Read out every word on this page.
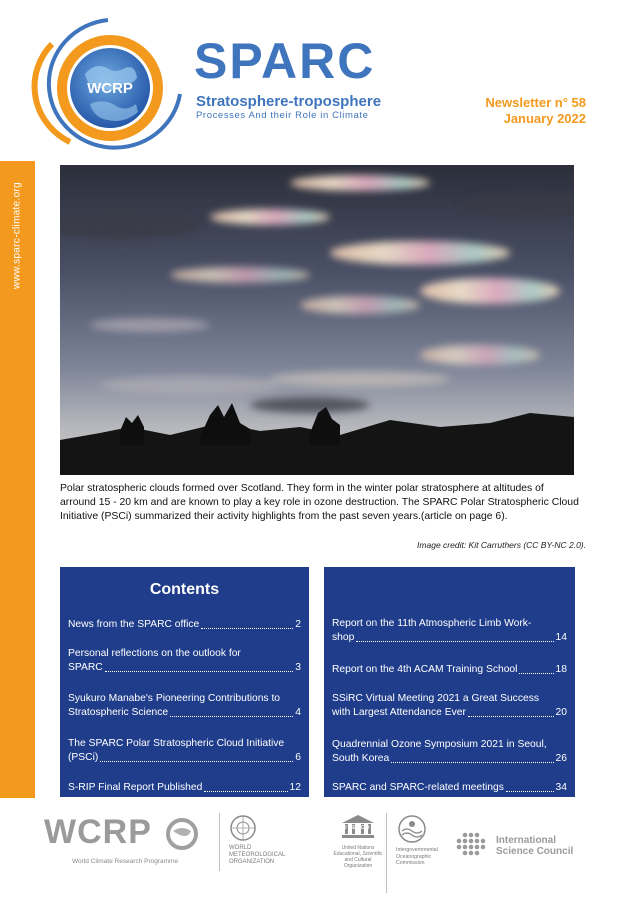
WCRP SPARC
Stratosphere-troposphere
Processes And their Role in Climate
Newsletter n° 58
January 2022
www.sparc-climate.org
Polar stratospheric clouds formed over Scotland. They form in the winter polar stratosphere at altitudes of arround 15 - 20 km and are known to play a key role in ozone destruction. The SPARC Polar Stratospheric Cloud Initiative (PSCi) summarized their activity highlights from the past seven years.(article on page 6).
Image credit: Kit Carruthers (CC BY-NC 2.0).
Contents
News from the SPARC office	2
Personal reflections on the outlook for
SPARC	3
Syukuro Manabe's Pioneering Contributions to
Stratospheric Science	4
The SPARC Polar Stratospheric Cloud Initiative
(PSCi)	6
S-RIP Final Report Published	12
Report on the 11th Atmospheric Limb Work-
shop	14
Report on the 4th ACAM Training School	18
SSiRC Virtual Meeting 2021 a Great Success
with Largest Attendance Ever	20
Quadrennial Ozone Symposium 2021 in Seoul,
South Korea	26
SPARC and SPARC-related meetings	34
WCRP
World Climate Research Programme
WORLD METEOROLOGICAL ORGANIZATION
UNESCO
United Nations Educational, Scientific and Cultural Organization
Intergovernmental Oceanographic Commission
International Science Council
